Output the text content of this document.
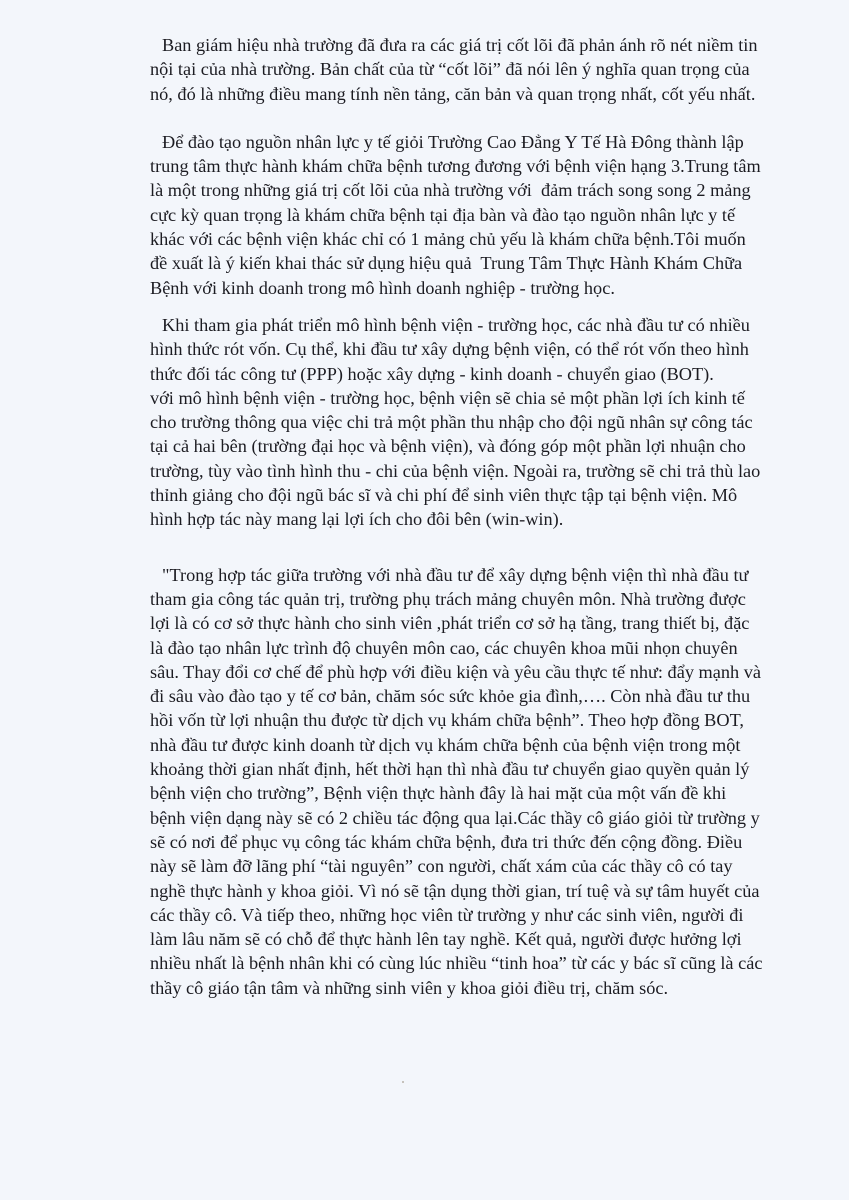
Ban giám hiệu nhà trường đã đưa ra các giá trị cốt lõi đã phản ánh rõ nét niềm tin
nội tại của nhà trường. Bản chất của từ “cốt lõi” đã nói lên ý nghĩa quan trọng của
nó, đó là những điều mang tính nền tảng, căn bản và quan trọng nhất, cốt yếu nhất.
Để đào tạo nguồn nhân lực y tế giỏi Trường Cao Đẳng Y Tế Hà Đông thành lập
trung tâm thực hành khám chữa bệnh tương đương với bệnh viện hạng 3.Trung tâm
là một trong những giá trị cốt lõi của nhà trường với  đảm trách song song 2 mảng
cực kỳ quan trọng là khám chữa bệnh tại địa bàn và đào tạo nguồn nhân lực y tế
khác với các bệnh viện khác chỉ có 1 mảng chủ yếu là khám chữa bệnh.Tôi muốn
đề xuất là ý kiến khai thác sử dụng hiệu quả  Trung Tâm Thực Hành Khám Chữa
Bệnh với kinh doanh trong mô hình doanh nghiệp - trường học.
Khi tham gia phát triển mô hình bệnh viện - trường học, các nhà đầu tư có nhiều
hình thức rót vốn. Cụ thể, khi đầu tư xây dựng bệnh viện, có thể rót vốn theo hình
thức đối tác công tư (PPP) hoặc xây dựng - kinh doanh - chuyển giao (BOT).
với mô hình bệnh viện - trường học, bệnh viện sẽ chia sẻ một phần lợi ích kinh tế
cho trường thông qua việc chi trả một phần thu nhập cho đội ngũ nhân sự công tác
tại cả hai bên (trường đại học và bệnh viện), và đóng góp một phần lợi nhuận cho
trường, tùy vào tình hình thu - chi của bệnh viện. Ngoài ra, trường sẽ chi trả thù lao
thỉnh giảng cho đội ngũ bác sĩ và chi phí để sinh viên thực tập tại bệnh viện. Mô
hình hợp tác này mang lại lợi ích cho đôi bên (win-win).
"Trong hợp tác giữa trường với nhà đầu tư để xây dựng bệnh viện thì nhà đầu tư
tham gia công tác quản trị, trường phụ trách mảng chuyên môn. Nhà trường được
lợi là có cơ sở thực hành cho sinh viên ,phát triển cơ sở hạ tầng, trang thiết bị, đặc
là đào tạo nhân lực trình độ chuyên môn cao, các chuyên khoa mũi nhọn chuyên
sâu. Thay đổi cơ chế để phù hợp với điều kiện và yêu cầu thực tế như: đẩy mạnh và
đi sâu vào đào tạo y tế cơ bản, chăm sóc sức khỏe gia đình,…. Còn nhà đầu tư thu
hồi vốn từ lợi nhuận thu được từ dịch vụ khám chữa bệnh”. Theo hợp đồng BOT,
nhà đầu tư được kinh doanh từ dịch vụ khám chữa bệnh của bệnh viện trong một
khoảng thời gian nhất định, hết thời hạn thì nhà đầu tư chuyển giao quyền quản lý
bệnh viện cho trường”, Bệnh viện thực hành đây là hai mặt của một vấn đề khi
bệnh viện dạng này sẽ có 2 chiều tác động qua lại.Các thầy cô giáo giỏi từ trường y
sẽ có nơi để phục vụ công tác khám chữa bệnh, đưa tri thức đến cộng đồng. Điều
này sẽ làm đỡ lãng phí “tài nguyên” con người, chất xám của các thầy cô có tay
nghề thực hành y khoa giỏi. Vì nó sẽ tận dụng thời gian, trí tuệ và sự tâm huyết của
các thầy cô. Và tiếp theo, những học viên từ trường y như các sinh viên, người đi
làm lâu năm sẽ có chỗ để thực hành lên tay nghề. Kết quả, người được hưởng lợi
nhiều nhất là bệnh nhân khi có cùng lúc nhiều “tinh hoa” từ các y bác sĩ cũng là các
thầy cô giáo tận tâm và những sinh viên y khoa giỏi điều trị, chăm sóc.
